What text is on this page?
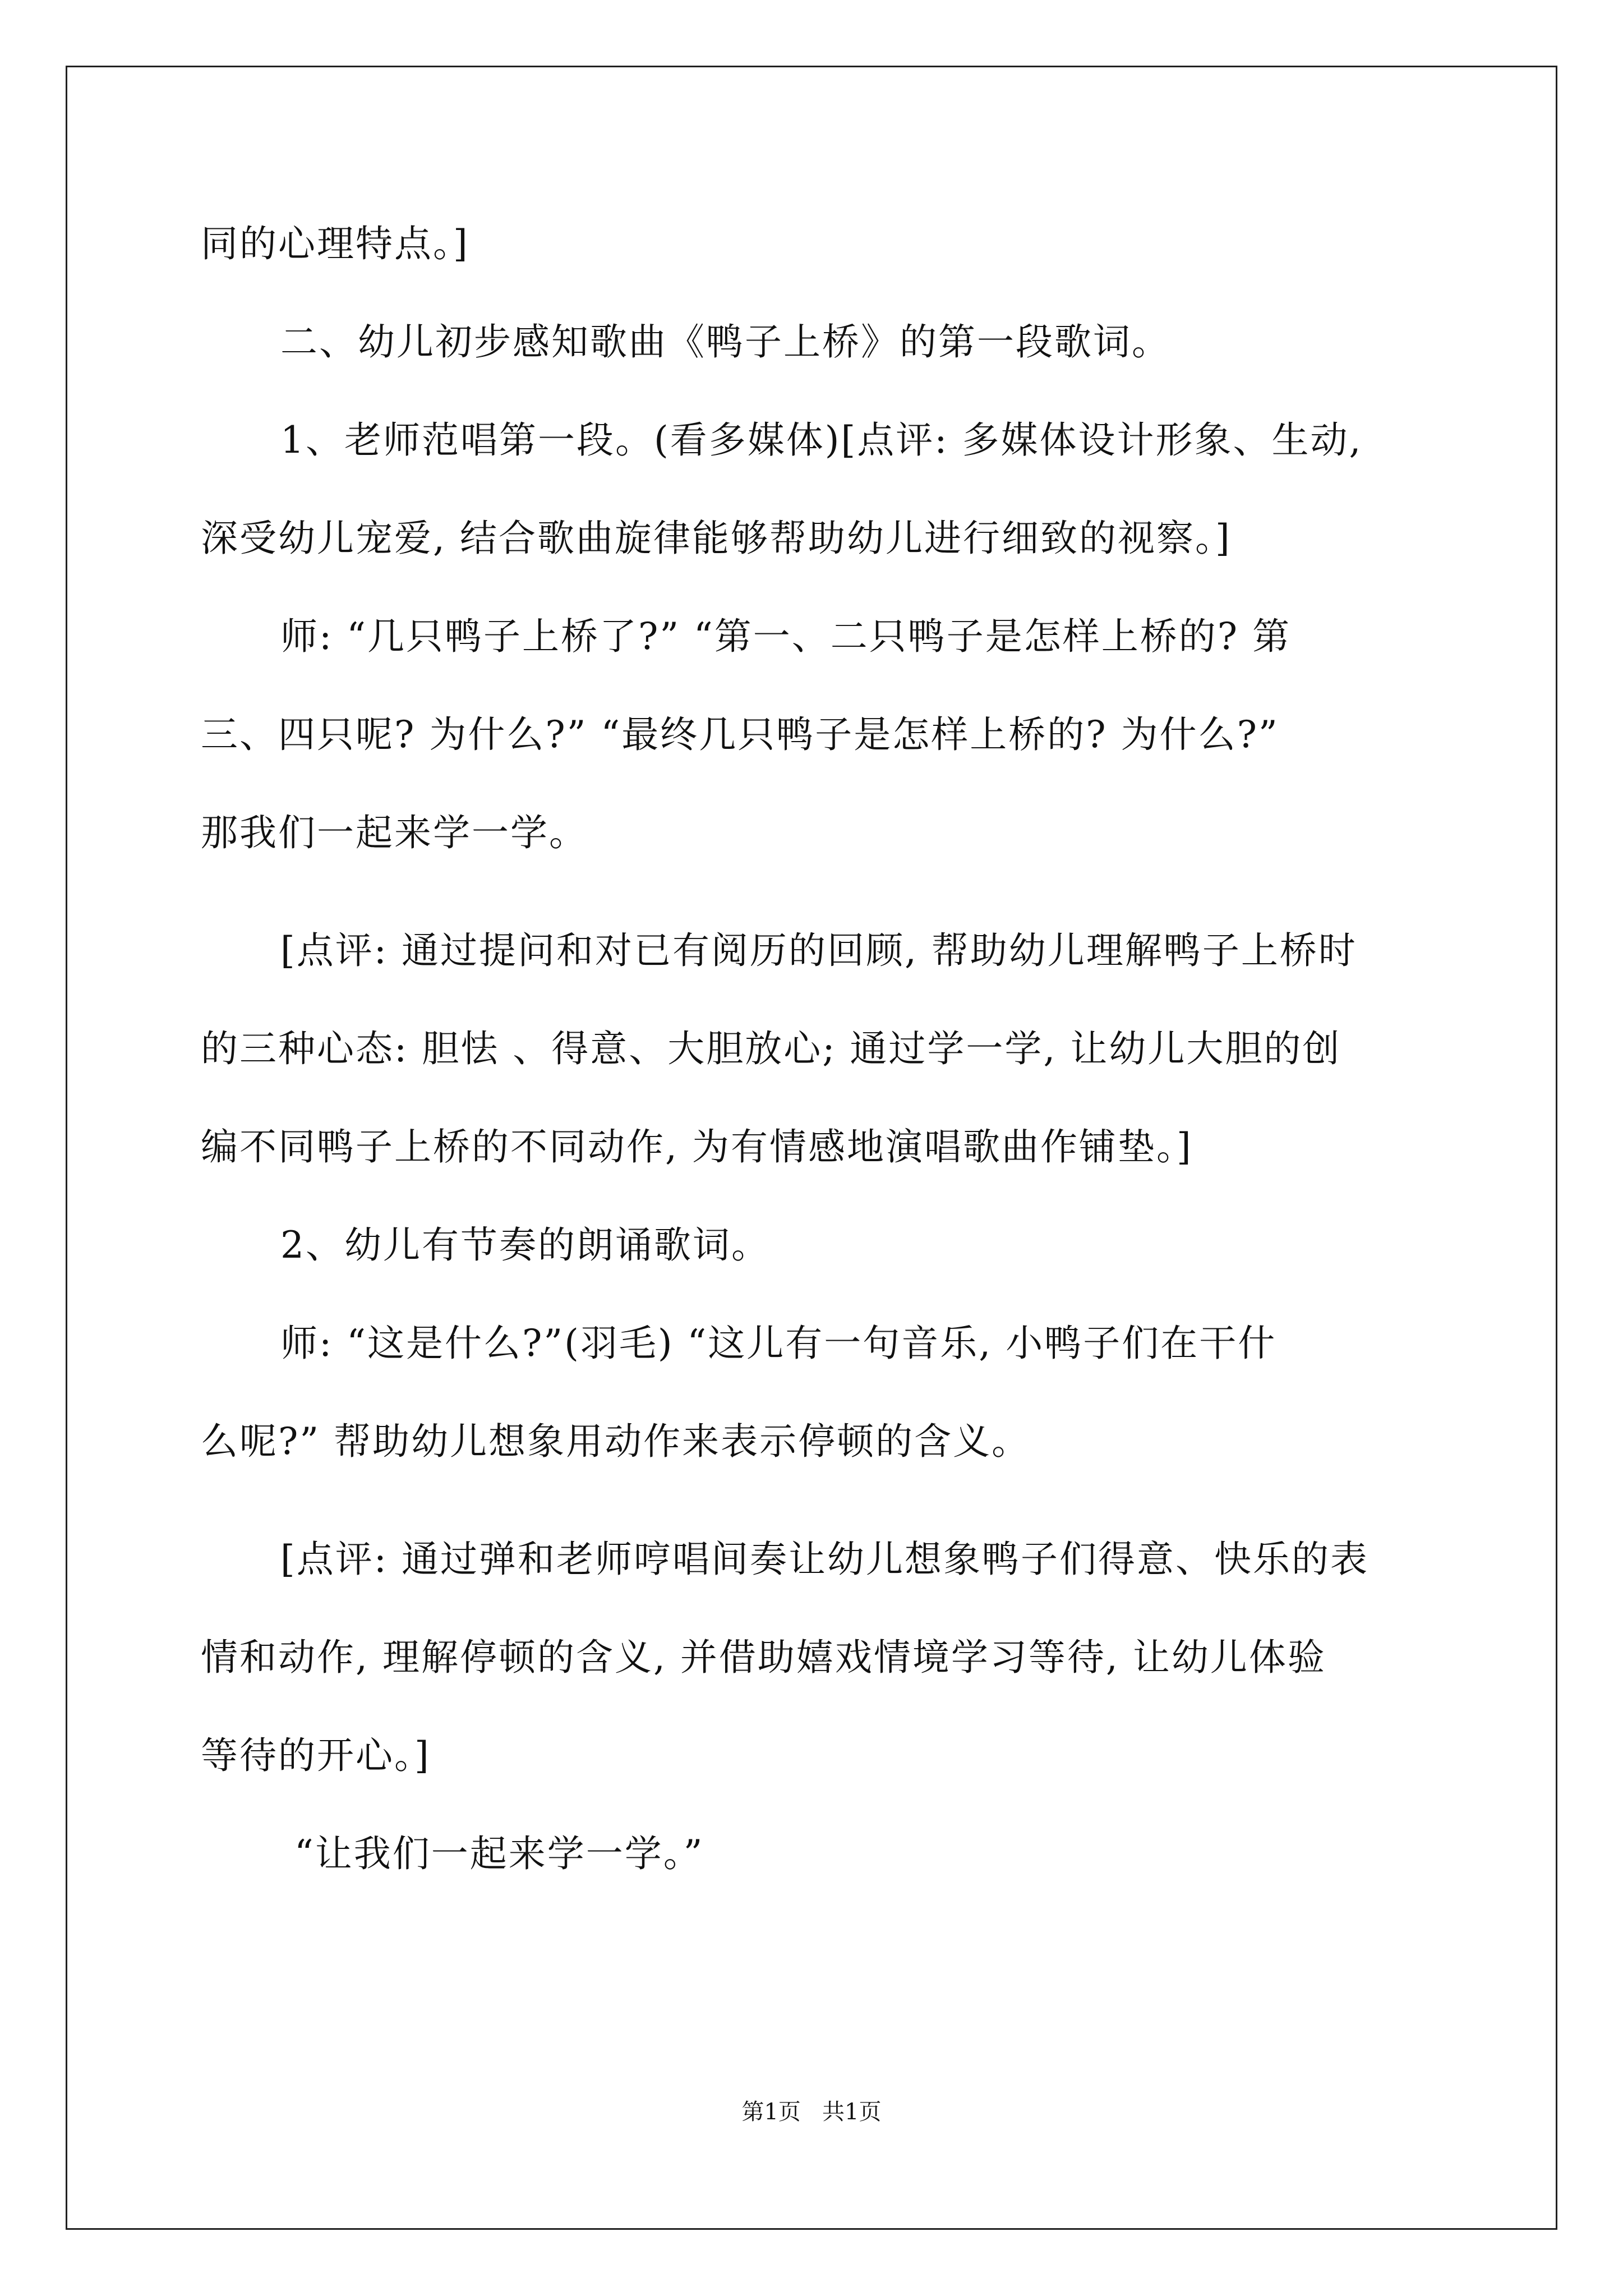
同的心理特点。]
二、幼儿初步感知歌曲《鸭子上桥》的第一段歌词。
1、老师范唱第一段。(看多媒体)[点评: 多媒体设计形象、生动,
深受幼儿宠爱, 结合歌曲旋律能够帮助幼儿进行细致的视察。]
师: “几只鸭子上桥了?” “第一、二只鸭子是怎样上桥的? 第
三、四只呢? 为什么?” “最终几只鸭子是怎样上桥的? 为什么?”
那我们一起来学一学。
[点评: 通过提问和对已有阅历的回顾, 帮助幼儿理解鸭子上桥时
的三种心态: 胆怯 、得意、大胆放心; 通过学一学, 让幼儿大胆的创
编不同鸭子上桥的不同动作, 为有情感地演唱歌曲作铺垫。]
2、幼儿有节奏的朗诵歌词。
师: “这是什么?”(羽毛) “这儿有一句音乐, 小鸭子们在干什
么呢?” 帮助幼儿想象用动作来表示停顿的含义。
[点评: 通过弹和老师哼唱间奏让幼儿想象鸭子们得意、快乐的表
情和动作, 理解停顿的含义, 并借助嬉戏情境学习等待, 让幼儿体验
等待的开心。]
“让我们一起来学一学。”
第1页   共1页
